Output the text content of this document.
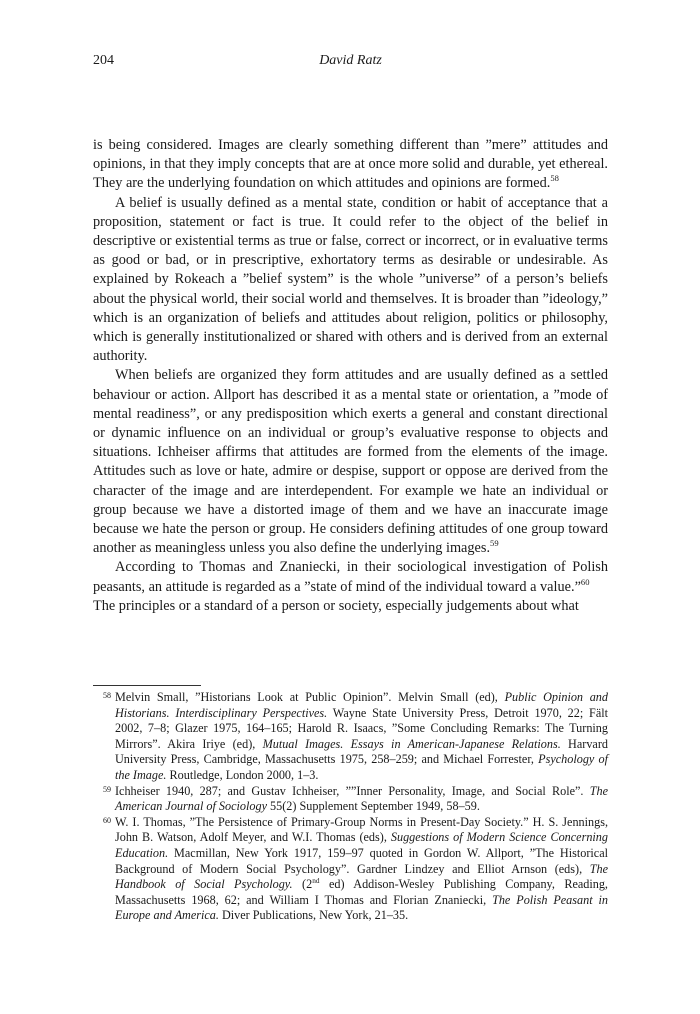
204	David Ratz

is being considered. Images are clearly something different than ”mere” attitudes and opinions, in that they imply concepts that are at once more solid and durable, yet ethereal. They are the underlying foundation on which attitudes and opinions are formed.$^{58}$

A belief is usually defined as a mental state, condition or habit of acceptance that a proposition, statement or fact is true. It could refer to the object of the belief in descriptive or existential terms as true or false, correct or incorrect, or in evaluative terms as good or bad, or in prescriptive, exhortatory terms as desirable or undesirable. As explained by Rokeach a ”belief system” is the whole ”universe” of a person’s beliefs about the physical world, their social world and themselves. It is broader than ”ideology,” which is an organization of beliefs and attitudes about religion, politics or philosophy, which is generally institutionalized or shared with others and is derived from an external authority.

When beliefs are organized they form attitudes and are usually defined as a settled behaviour or action. Allport has described it as a mental state or orientation, a ”mode of mental readiness”, or any predisposition which exerts a general and constant directional or dynamic influence on an individual or group’s evaluative response to objects and situations. Ichheiser affirms that attitudes are formed from the elements of the image. Attitudes such as love or hate, admire or despise, support or oppose are derived from the character of the image and are interdependent. For example we hate an individual or group because we have a distorted image of them and we have an inaccurate image because we hate the person or group. He considers defining attitudes of one group toward another as meaningless unless you also define the underlying images.$^{59}$

According to Thomas and Znaniecki, in their sociological investigation of Polish peasants, an attitude is regarded as a ”state of mind of the individual toward a value.”$^{60}$
The principles or a standard of a person or society, especially judgements about what

58 Melvin Small, ”Historians Look at Public Opinion”. Melvin Small (ed), Public Opinion and Historians. Interdisciplinary Perspectives. Wayne State University Press, Detroit 1970, 22; Fält 2002, 7–8; Glazer 1975, 164–165; Harold R. Isaacs, ”Some Concluding Remarks: The Turning Mirrors”. Akira Iriye (ed), Mutual Images. Essays in American-Japanese Relations. Harvard University Press, Cambridge, Massachusetts 1975, 258–259; and Michael Forrester, Psychology of the Image. Routledge, London 2000, 1–3.

59 Ichheiser 1940, 287; and Gustav Ichheiser, ””Inner Personality, Image, and Social Role”. The American Journal of Sociology 55(2) Supplement September 1949, 58–59.

60 W. I. Thomas, ”The Persistence of Primary-Group Norms in Present-Day Society.” H. S. Jennings, John B. Watson, Adolf Meyer, and W.I. Thomas (eds), Suggestions of Modern Science Concerning Education. Macmillan, New York 1917, 159–97 quoted in Gordon W. Allport, ”The Historical Background of Modern Social Psychology”. Gardner Lindzey and Elliot Arnson (eds), The Handbook of Social Psychology. (2nd ed) Addison-Wesley Publishing Company, Reading, Massachusetts 1968, 62; and William I Thomas and Florian Znaniecki, The Polish Peasant in Europe and America. Diver Publications, New York, 21–35.
